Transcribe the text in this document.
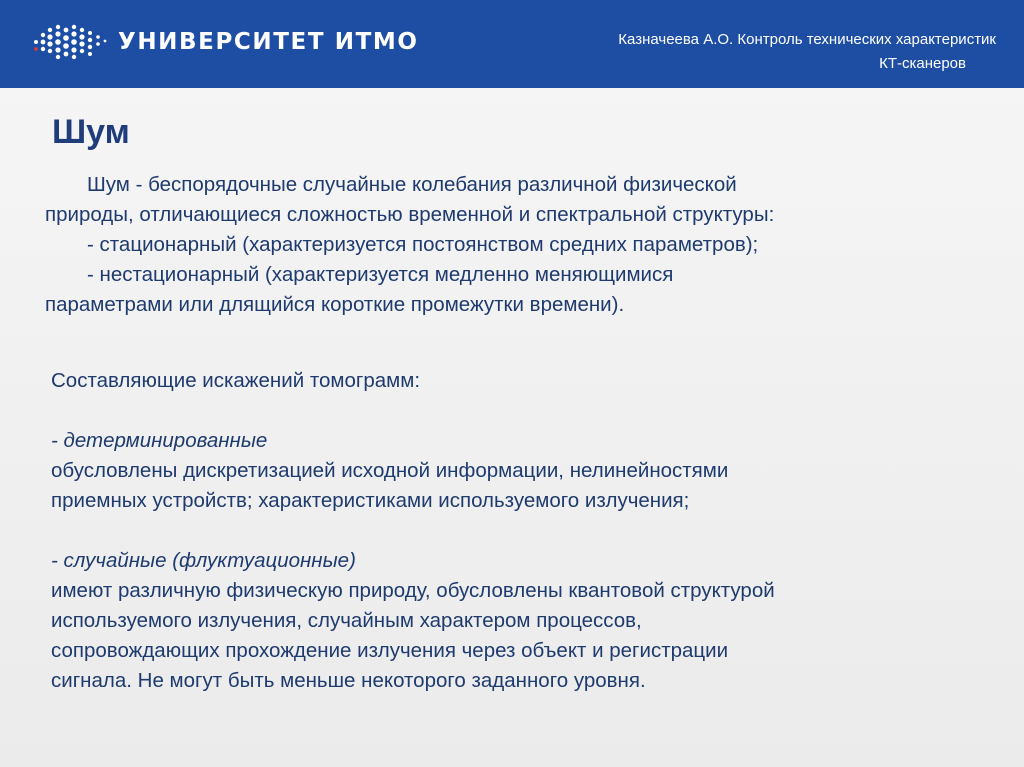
УНИВЕРСИТЕТ ИТМО	Казначеева А.О. Контроль технических характеристик
КТ-сканеров
Шум

Шум - беспорядочные случайные колебания различной физической

природы, отличающиеся сложностью временной и спектральной структуры:

- стационарный (характеризуется постоянством средних параметров);

- нестационарный (характеризуется медленно меняющимися

параметрами или длящийся короткие промежутки времени).

Составляющие искажений томограмм:

- детерминированные

обусловлены дискретизацией исходной информации, нелинейностями

приемных устройств; характеристиками используемого излучения;

- случайные (флуктуационные)

имеют различную физическую природу, обусловлены квантовой структурой

используемого излучения, случайным характером процессов,

сопровождающих прохождение излучения через объект и регистрации

сигнала. Не могут быть меньше некоторого заданного уровня.
